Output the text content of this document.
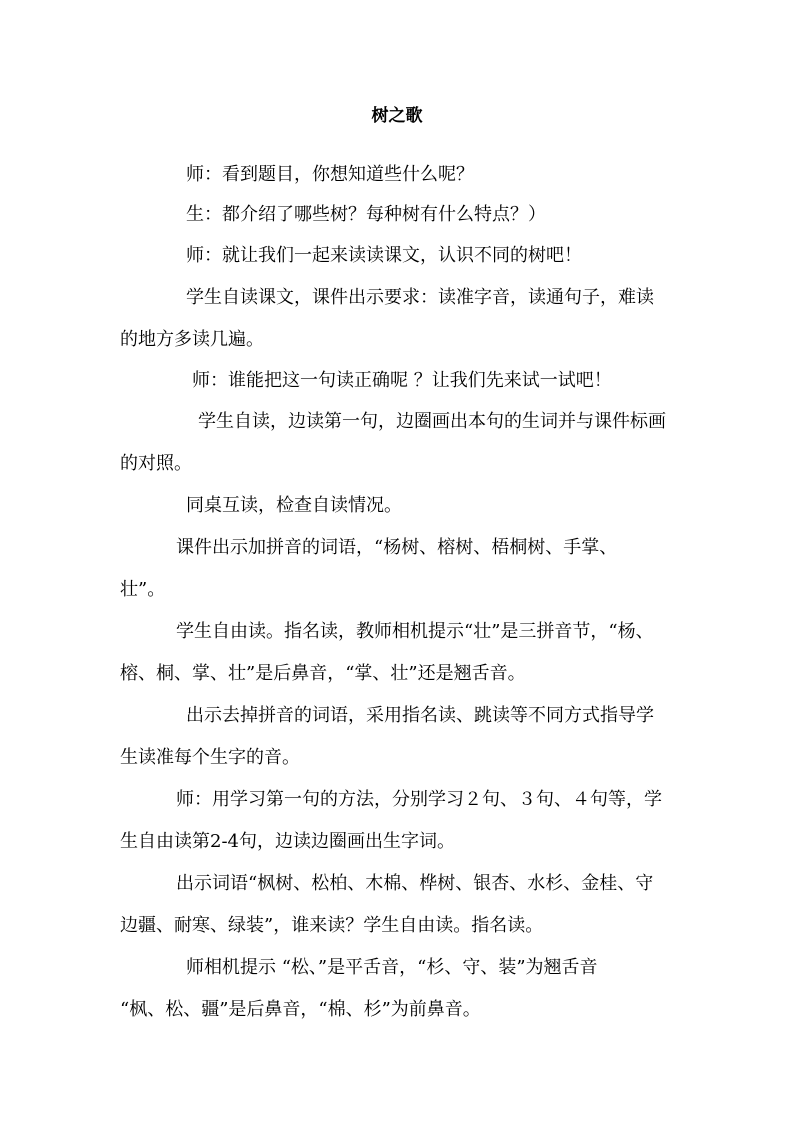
树之歌
师：看到题目，你想知道些什么呢？
生：都介绍了哪些树？每种树有什么特点？）
师：就让我们一起来读读课文，认识不同的树吧！
学生自读课文，课件出示要求：读准字音，读通句子，难读
的地方多读几遍。
师：谁能把这一句读正确呢 ？让我们先来试一试吧！
学生自读，边读第一句，边圈画出本句的生词并与课件标画
的对照。
同桌互读，检查自读情况。
课件出示加拼音的词语，“杨树、榕树、梧桐树、手掌、
壮”。
学生自由读。指名读，教师相机提示“壮”是三拼音节，“杨、
榕、桐、掌、壮”是后鼻音，“掌、壮”还是翘舌音。
出示去掉拼音的词语，采用指名读、跳读等不同方式指导学
生读准每个生字的音。
师：用学习第一句的方法，分别学习２句、３句、４句等，学
生自由读第2-4句，边读边圈画出生字词。
出示词语“枫树、松柏、木棉、桦树、银杏、水杉、金桂、守
边疆、耐寒、绿装”，谁来读？学生自由读。指名读。
师相机提示 “松、”是平舌音，“杉、守、装”为翘舌音
“枫、松、疆”是后鼻音，“棉、杉”为前鼻音。
